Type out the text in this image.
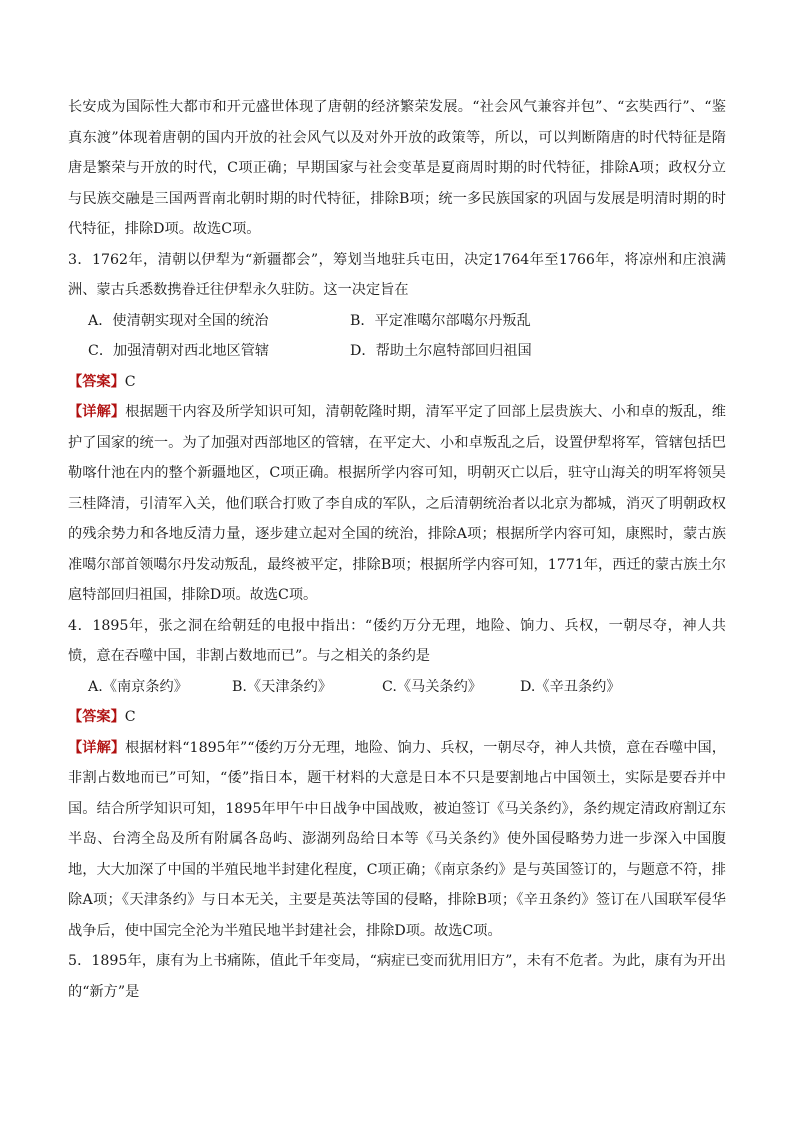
长安成为国际性大都市和开元盛世体现了唐朝的经济繁荣发展。“社会风气兼容并包”、“玄奘西行”、“鉴真东渡”体现着唐朝的国内开放的社会风气以及对外开放的政策等，所以，可以判断隋唐的时代特征是隋唐是繁荣与开放的时代，C项正确；早期国家与社会变革是夏商周时期的时代特征，排除A项；政权分立与民族交融是三国两晋南北朝时期的时代特征，排除B项；统一多民族国家的巩固与发展是明清时期的时代特征，排除D项。故选C项。

3．1762年，清朝以伊犁为“新疆都会”，筹划当地驻兵屯田，决定1764年至1766年，将凉州和庄浪满洲、蒙古兵悉数携眷迁往伊犁永久驻防。这一决定旨在

A．使清朝实现对全国的统治	B．平定准噶尔部噶尔丹叛乱
C．加强清朝对西北地区管辖	D．帮助土尔扈特部回归祖国

【答案】C

【详解】根据题干内容及所学知识可知，清朝乾隆时期，清军平定了回部上层贵族大、小和卓的叛乱，维护了国家的统一。为了加强对西部地区的管辖，在平定大、小和卓叛乱之后，设置伊犁将军，管辖包括巴勒喀什池在内的整个新疆地区，C项正确。根据所学内容可知，明朝灭亡以后，驻守山海关的明军将领吴三桂降清，引清军入关，他们联合打败了李自成的军队，之后清朝统治者以北京为都城，消灭了明朝政权的残余势力和各地反清力量，逐步建立起对全国的统治，排除A项；根据所学内容可知，康熙时，蒙古族准噶尔部首领噶尔丹发动叛乱，最终被平定，排除B项；根据所学内容可知，1771年，西迁的蒙古族土尔扈特部回归祖国，排除D项。故选C项。

4．1895年，张之洞在给朝廷的电报中指出：“倭约万分无理，地险、饷力、兵权，一朝尽夺，神人共愤，意在吞噬中国，非割占数地而已”。与之相关的条约是

A.《南京条约》	B.《天津条约》	C.《马关条约》	D.《辛丑条约》

【答案】C

【详解】根据材料“1895年”“倭约万分无理，地险、饷力、兵权，一朝尽夺，神人共愤，意在吞噬中国，非割占数地而已”可知，“倭”指日本，题干材料的大意是日本不只是要割地占中国领土，实际是要吞并中国。结合所学知识可知，1895年甲午中日战争中国战败，被迫签订《马关条约》，条约规定清政府割辽东半岛、台湾全岛及所有附属各岛屿、澎湖列岛给日本等《马关条约》使外国侵略势力进一步深入中国腹地，大大加深了中国的半殖民地半封建化程度，C项正确；《南京条约》是与英国签订的，与题意不符，排除A项；《天津条约》与日本无关，主要是英法等国的侵略，排除B项；《辛丑条约》签订在八国联军侵华战争后，使中国完全沦为半殖民地半封建社会，排除D项。故选C项。

5．1895年，康有为上书痛陈，值此千年变局，“病症已变而犹用旧方”，未有不危者。为此，康有为开出的“新方”是
